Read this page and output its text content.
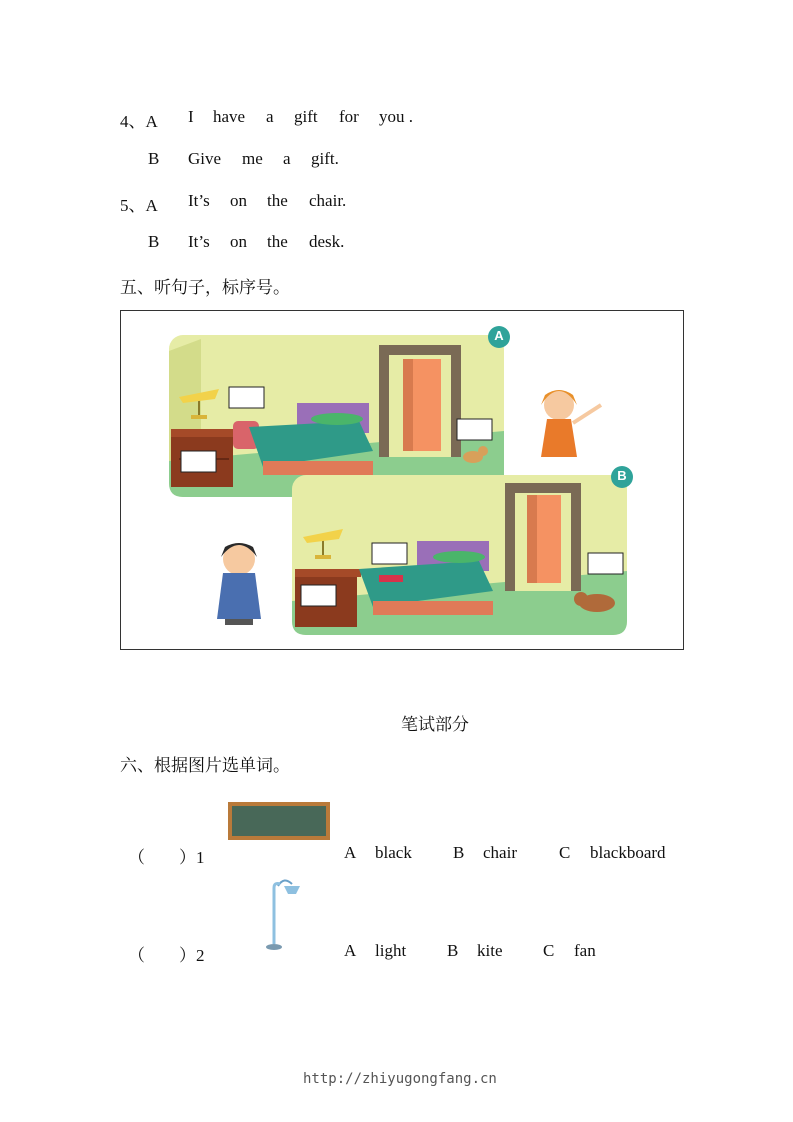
4、A I have a gift for you .
B Give me a gift.
5、A It’s on the chair.
B It’s on the desk.
五、听句子，标序号。
A
B
笔试部分
六、根据图片选单词。
（　　）1	A black B chair C blackboard
（　　）2	A light B kite C fan
http://zhiyugongfang.cn
